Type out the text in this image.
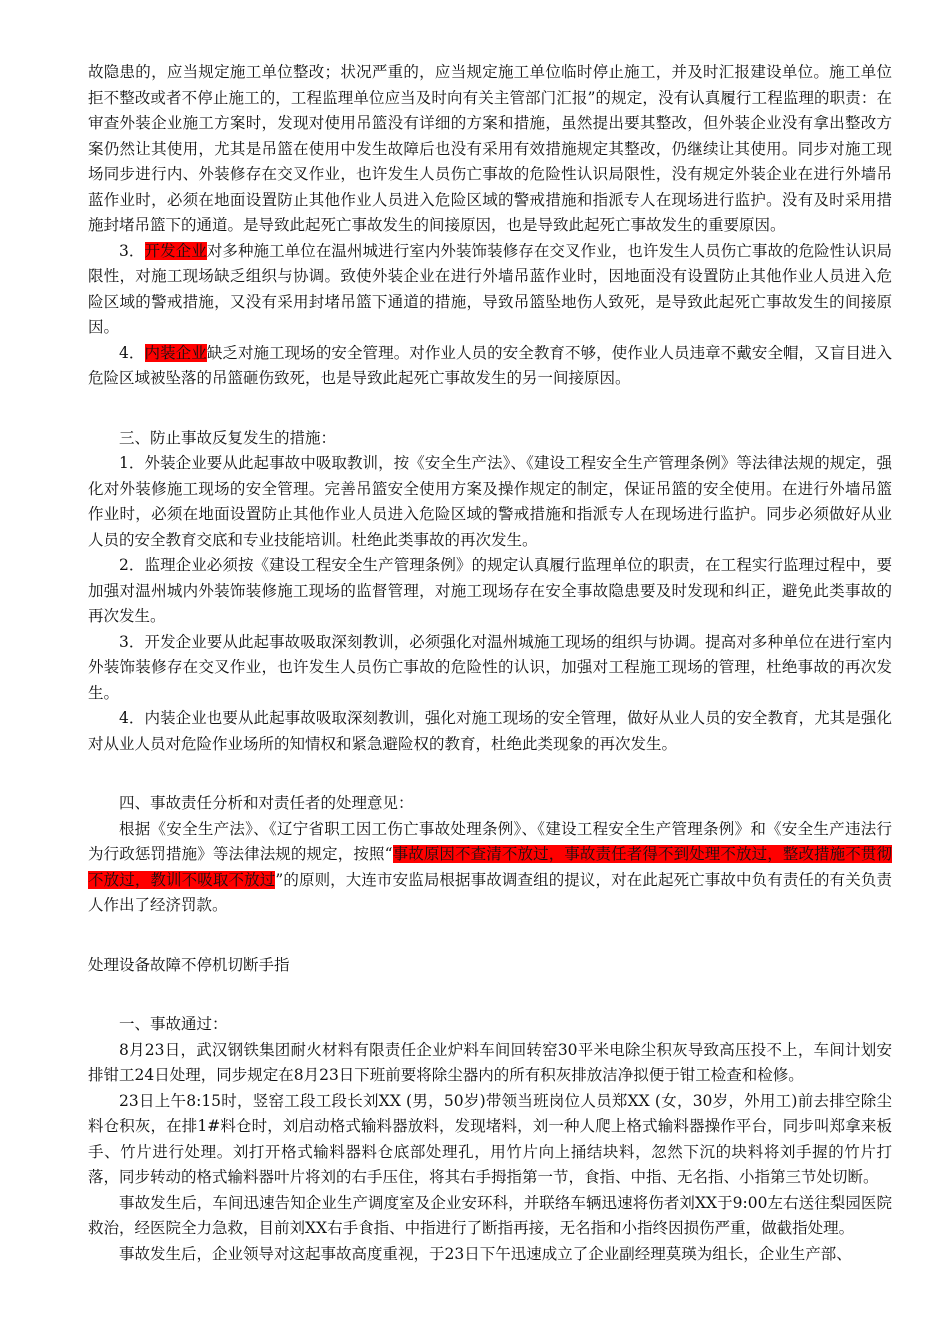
故隐患的，应当规定施工单位整改；状况严重的，应当规定施工单位临时停止施工，并及时汇报建设单位。施工单位拒不整改或者不停止施工的，工程监理单位应当及时向有关主管部门汇报”的规定，没有认真履行工程监理的职责：在审查外装企业施工方案时，发现对使用吊篮没有详细的方案和措施，虽然提出要其整改，但外装企业没有拿出整改方案仍然让其使用，尤其是吊篮在使用中发生故障后也没有采用有效措施规定其整改，仍继续让其使用。同步对施工现场同步进行内、外装修存在交叉作业，也许发生人员伤亡事故的危险性认识局限性，没有规定外装企业在进行外墙吊蓝作业时，必须在地面设置防止其他作业人员进入危险区域的警戒措施和指派专人在现场进行监护。没有及时采用措施封堵吊篮下的通道。是导致此起死亡事故发生的间接原因，也是导致此起死亡事故发生的重要原因。

3．开发企业对多种施工单位在温州城进行室内外装饰装修存在交叉作业，也许发生人员伤亡事故的危险性认识局限性，对施工现场缺乏组织与协调。致使外装企业在进行外墙吊蓝作业时，因地面没有设置防止其他作业人员进入危险区域的警戒措施，又没有采用封堵吊篮下通道的措施，导致吊篮坠地伤人致死，是导致此起死亡事故发生的间接原因。

4．内装企业缺乏对施工现场的安全管理。对作业人员的安全教育不够，使作业人员违章不戴安全帽，又盲目进入危险区域被坠落的吊篮砸伤致死，也是导致此起死亡事故发生的另一间接原因。

三、防止事故反复发生的措施：

1．外装企业要从此起事故中吸取教训，按《安全生产法》、《建设工程安全生产管理条例》等法律法规的规定，强化对外装修施工现场的安全管理。完善吊篮安全使用方案及操作规定的制定，保证吊篮的安全使用。在进行外墙吊篮作业时，必须在地面设置防止其他作业人员进入危险区域的警戒措施和指派专人在现场进行监护。同步必须做好从业人员的安全教育交底和专业技能培训。杜绝此类事故的再次发生。

2．监理企业必须按《建设工程安全生产管理条例》的规定认真履行监理单位的职责，在工程实行监理过程中，要加强对温州城内外装饰装修施工现场的监督管理，对施工现场存在安全事故隐患要及时发现和纠正，避免此类事故的再次发生。

3．开发企业要从此起事故吸取深刻教训，必须强化对温州城施工现场的组织与协调。提高对多种单位在进行室内外装饰装修存在交叉作业，也许发生人员伤亡事故的危险性的认识，加强对工程施工现场的管理，杜绝事故的再次发生。

4．内装企业也要从此起事故吸取深刻教训，强化对施工现场的安全管理，做好从业人员的安全教育，尤其是强化对从业人员对危险作业场所的知情权和紧急避险权的教育，杜绝此类现象的再次发生。

四、事故责任分析和对责任者的处理意见：

根据《安全生产法》、《辽宁省职工因工伤亡事故处理条例》、《建设工程安全生产管理条例》和《安全生产违法行为行政惩罚措施》等法律法规的规定，按照“事故原因不查清不放过，事故责任者得不到处理不放过，整改措施不贯彻不放过，教训不吸取不放过”的原则，大连市安监局根据事故调查组的提议，对在此起死亡事故中负有责任的有关负责人作出了经济罚款。

处理设备故障不停机切断手指

一、事故通过：

8月23日，武汉钢铁集团耐火材料有限责任企业炉料车间回转窑30平米电除尘积灰导致高压投不上，车间计划安排钳工24日处理，同步规定在8月23日下班前要将除尘器内的所有积灰排放洁净拟便于钳工检查和检修。

23日上午8:15时，竖窑工段工段长刘XX (男，50岁)带领当班岗位人员郑XX (女，30岁，外用工)前去排空除尘料仓积灰，在排1#料仓时，刘启动格式输料器放料，发现堵料，刘一种人爬上格式输料器操作平台，同步叫郑拿来板手、竹片进行处理。刘打开格式输料器料仓底部处理孔，用竹片向上捅结块料，忽然下沉的块料将刘手握的竹片打落，同步转动的格式输料器叶片将刘的右手压住，将其右手拇指第一节，食指、中指、无名指、小指第三节处切断。

事故发生后，车间迅速告知企业生产调度室及企业安环科，并联络车辆迅速将伤者刘XX于9:00左右送往梨园医院救治，经医院全力急救，目前刘XX右手食指、中指进行了断指再接，无名指和小指终因损伤严重，做截指处理。

事故发生后，企业领导对这起事故高度重视，于23日下午迅速成立了企业副经理莫瑛为组长，企业生产部、
